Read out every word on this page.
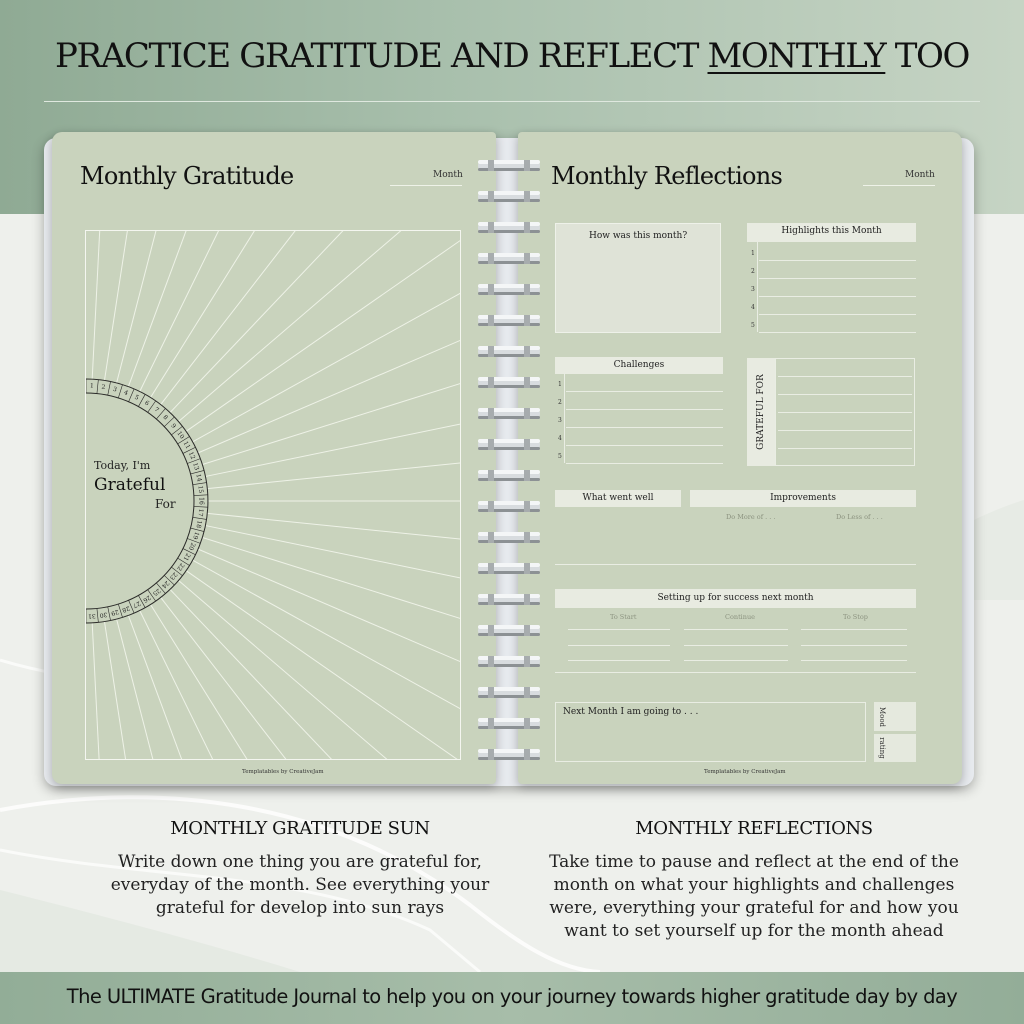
PRACTICE GRATITUDE AND REFLECT MONTHLY TOO
Monthly Gratitude	Month
1 2 3 4
5
6
7
8
9
10
11
12
13
14
15
16
17
18
19
20
21
22
23
24
25
26
27
28
29
30
31
Today, I'm
Grateful
For
Templatables by CreativeJam
Monthly Reflections	Month
How was this month?	Highlights this Month
Challenges
GRATEFUL FOR
What went well	Improvements
Do More of . . .	Do Less of . . .
Setting up for success next month
To Start	Continue	To Stop
Next Month I am going to . . .	Mood
rating
Templatables by CreativeJam
1
2
3
4
5
1
2
3
4
5
MONTHLY GRATITUDE SUN
Write down one thing you are grateful for, everyday of the month. See everything your grateful for develop into sun rays
MONTHLY REFLECTIONS
Take time to pause and reflect at the end of the month on what your highlights and challenges were, everything your grateful for and how you want to set yourself up for the month ahead
The ULTIMATE Gratitude Journal to help you on your journey towards higher gratitude day by day
